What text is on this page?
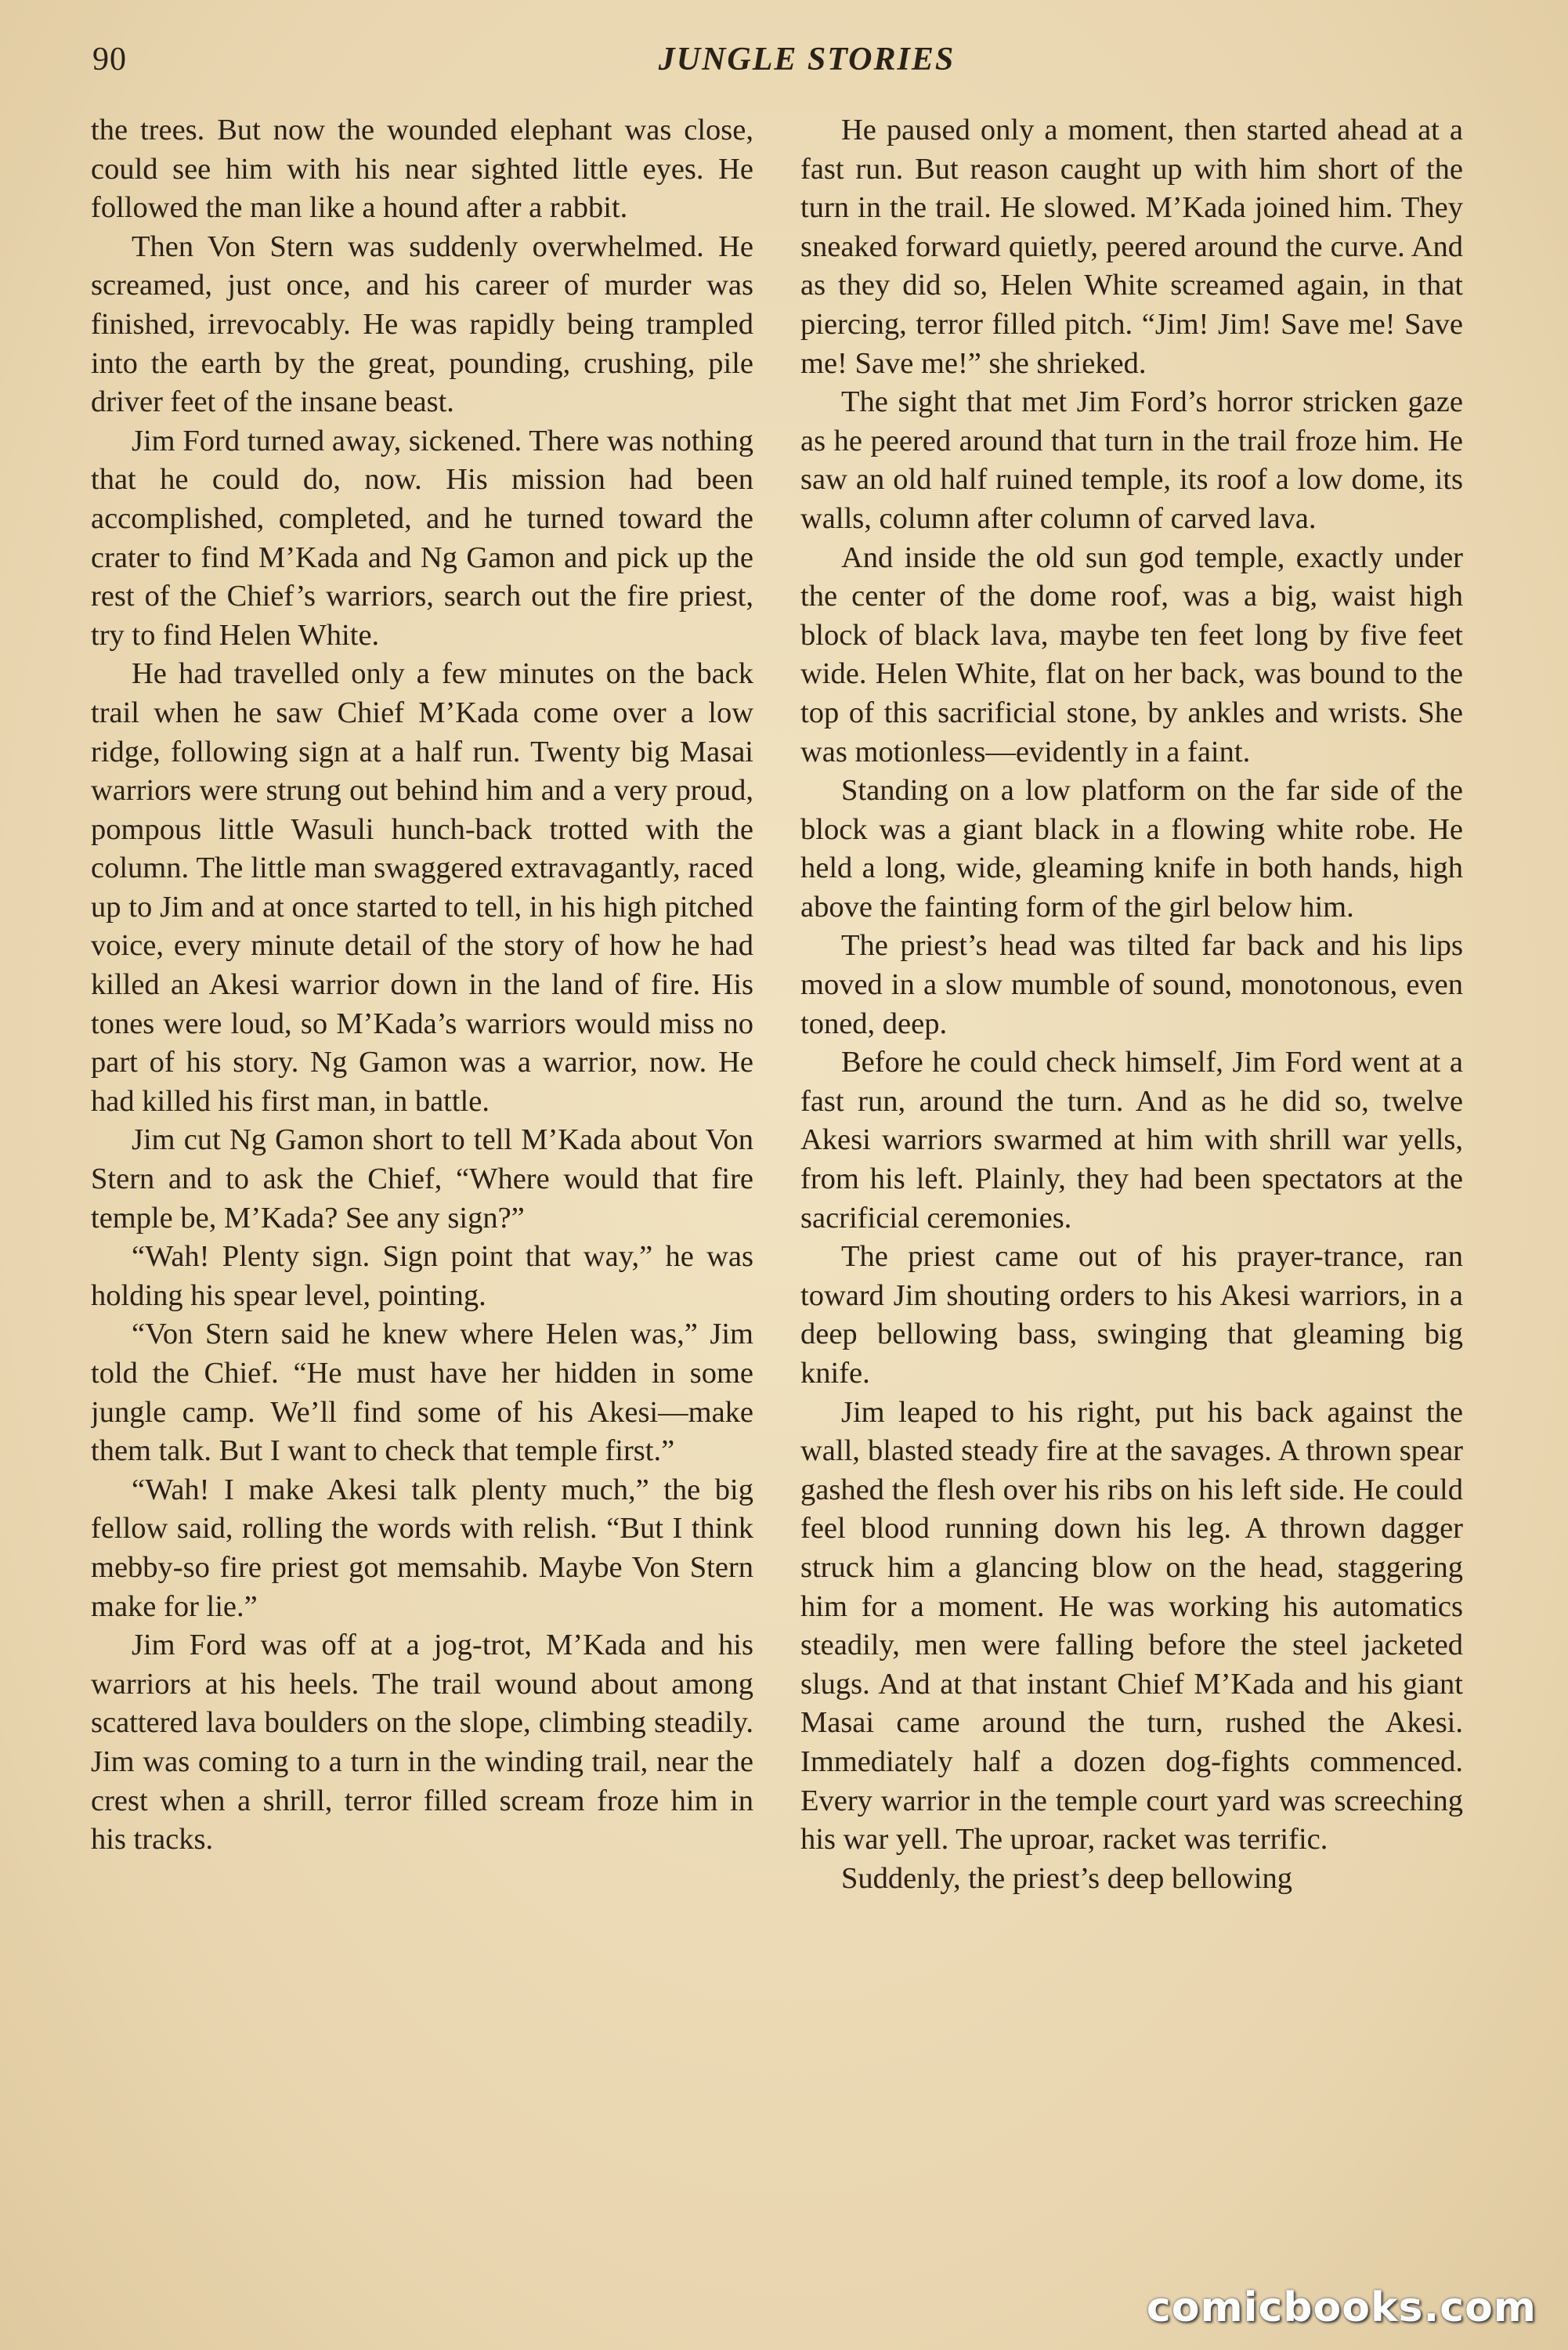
90	JUNGLE STORIES

the trees. But now the wounded elephant was close, could see him with his near sighted little eyes. He followed the man like a hound after a rabbit.

Then Von Stern was suddenly overwhelmed. He screamed, just once, and his career of murder was finished, irrevocably. He was rapidly being trampled into the earth by the great, pounding, crushing, pile driver feet of the insane beast.

Jim Ford turned away, sickened. There was nothing that he could do, now. His mission had been accomplished, completed, and he turned toward the crater to find M’Kada and Ng Gamon and pick up the rest of the Chief’s warriors, search out the fire priest, try to find Helen White.

He had travelled only a few minutes on the back trail when he saw Chief M’Kada come over a low ridge, following sign at a half run. Twenty big Masai warriors were strung out behind him and a very proud, pompous little Wasuli hunch-back trotted with the column. The little man swaggered extravagantly, raced up to Jim and at once started to tell, in his high pitched voice, every minute detail of the story of how he had killed an Akesi warrior down in the land of fire. His tones were loud, so M’Kada’s warriors would miss no part of his story. Ng Gamon was a warrior, now. He had killed his first man, in battle.

Jim cut Ng Gamon short to tell M’Kada about Von Stern and to ask the Chief, “Where would that fire temple be, M’Kada? See any sign?”

“Wah! Plenty sign. Sign point that way,” he was holding his spear level, pointing.

“Von Stern said he knew where Helen was,” Jim told the Chief. “He must have her hidden in some jungle camp. We’ll find some of his Akesi—make them talk. But I want to check that temple first.”

“Wah! I make Akesi talk plenty much,” the big fellow said, rolling the words with relish. “But I think mebby-so fire priest got memsahib. Maybe Von Stern make for lie.”

Jim Ford was off at a jog-trot, M’Kada and his warriors at his heels. The trail wound about among scattered lava boulders on the slope, climbing steadily. Jim was coming to a turn in the winding trail, near the crest when a shrill, terror filled scream froze him in his tracks.

He paused only a moment, then started ahead at a fast run. But reason caught up with him short of the turn in the trail. He slowed. M’Kada joined him. They sneaked forward quietly, peered around the curve. And as they did so, Helen White screamed again, in that piercing, terror filled pitch. “Jim! Jim! Save me! Save me! Save me!” she shrieked.

The sight that met Jim Ford’s horror stricken gaze as he peered around that turn in the trail froze him. He saw an old half ruined temple, its roof a low dome, its walls, column after column of carved lava.

And inside the old sun god temple, exactly under the center of the dome roof, was a big, waist high block of black lava, maybe ten feet long by five feet wide. Helen White, flat on her back, was bound to the top of this sacrificial stone, by ankles and wrists. She was motionless—evidently in a faint.

Standing on a low platform on the far side of the block was a giant black in a flowing white robe. He held a long, wide, gleaming knife in both hands, high above the fainting form of the girl below him.

The priest’s head was tilted far back and his lips moved in a slow mumble of sound, monotonous, even toned, deep.

Before he could check himself, Jim Ford went at a fast run, around the turn. And as he did so, twelve Akesi warriors swarmed at him with shrill war yells, from his left. Plainly, they had been spectators at the sacrificial ceremonies.

The priest came out of his prayer-trance, ran toward Jim shouting orders to his Akesi warriors, in a deep bellowing bass, swinging that gleaming big knife.

Jim leaped to his right, put his back against the wall, blasted steady fire at the savages. A thrown spear gashed the flesh over his ribs on his left side. He could feel blood running down his leg. A thrown dagger struck him a glancing blow on the head, staggering him for a moment. He was working his automatics steadily, men were falling before the steel jacketed slugs. And at that instant Chief M’Kada and his giant Masai came around the turn, rushed the Akesi. Immediately half a dozen dog-fights commenced. Every warrior in the temple court yard was screeching his war yell. The uproar, racket was terrific.

Suddenly, the priest’s deep bellowing

comicbooks.com
